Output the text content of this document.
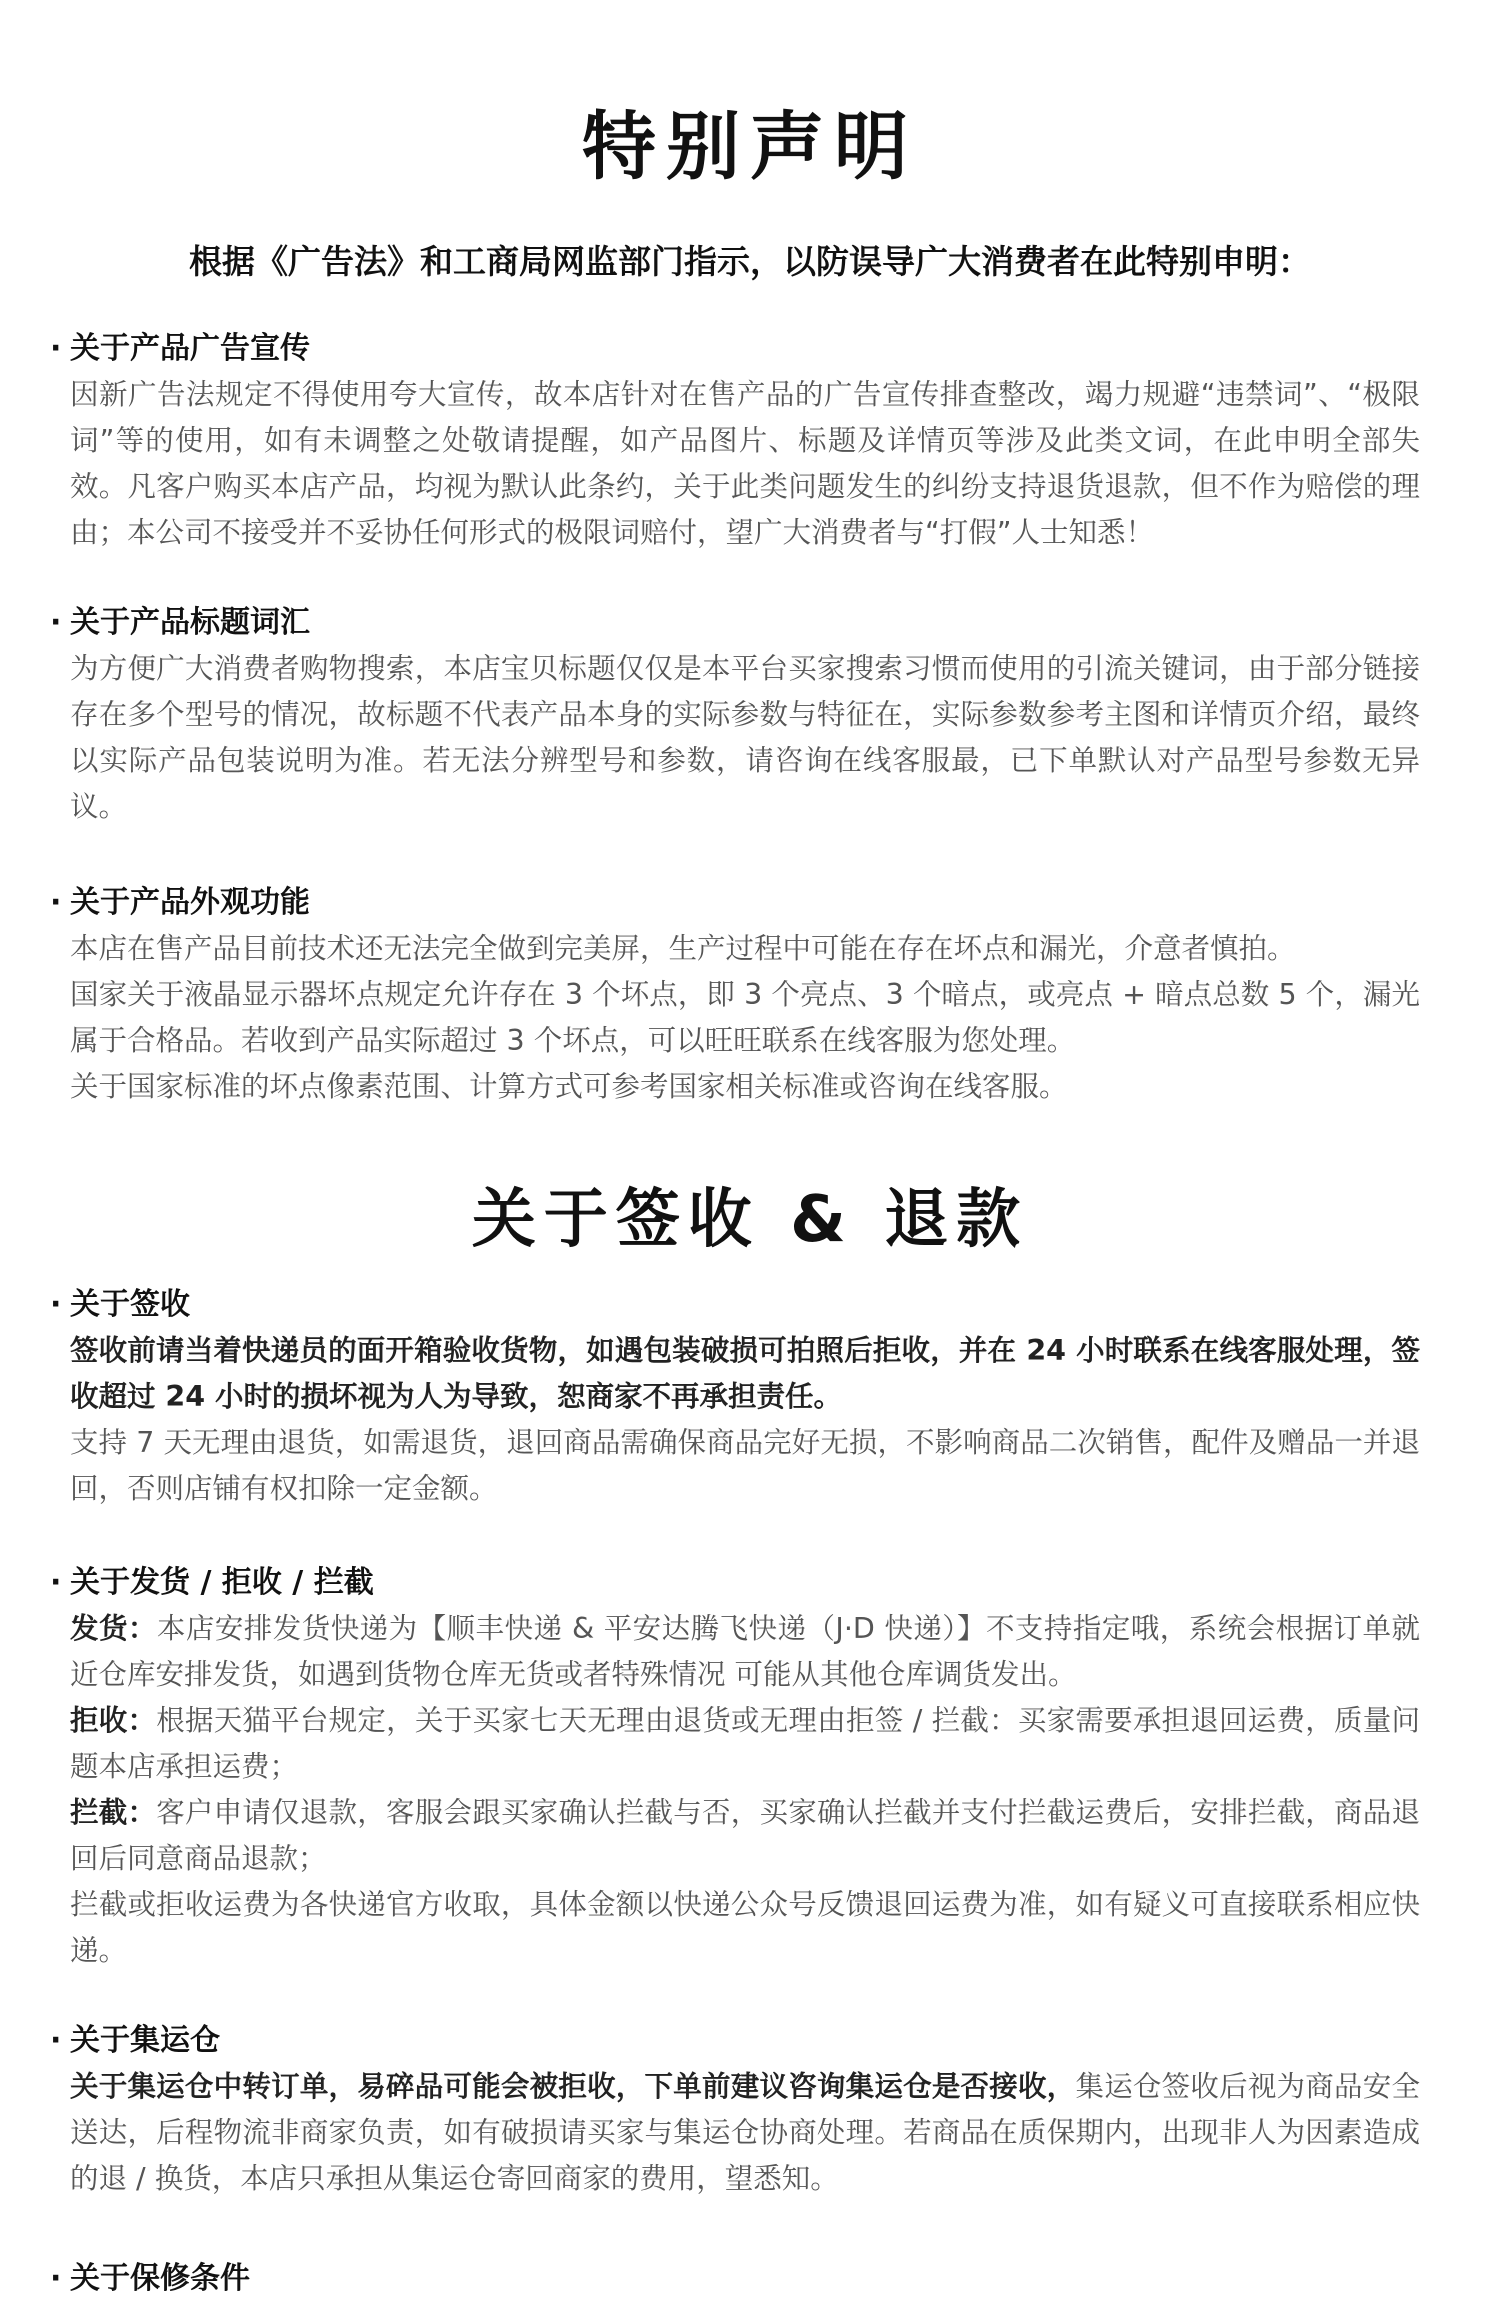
特别声明
根据《广告法》和工商局网监部门指示，以防误导广大消费者在此特别申明：
· 关于产品广告宣传
因新广告法规定不得使用夸大宣传，故本店针对在售产品的广告宣传排查整改，竭力规避“违禁词”、“极限词”等的使用，如有未调整之处敬请提醒，如产品图片、标题及详情页等涉及此类文词，在此申明全部失效。凡客户购买本店产品，均视为默认此条约，关于此类问题发生的纠纷支持退货退款，但不作为赔偿的理由；本公司不接受并不妥协任何形式的极限词赔付，望广大消费者与“打假”人士知悉！
· 关于产品标题词汇
为方便广大消费者购物搜索，本店宝贝标题仅仅是本平台买家搜索习惯而使用的引流关键词，由于部分链接存在多个型号的情况，故标题不代表产品本身的实际参数与特征在，实际参数参考主图和详情页介绍，最终以实际产品包装说明为准。若无法分辨型号和参数，请咨询在线客服最，已下单默认对产品型号参数无异议。
· 关于产品外观功能
本店在售产品目前技术还无法完全做到完美屏，生产过程中可能在存在坏点和漏光，介意者慎拍。
国家关于液晶显示器坏点规定允许存在 3 个坏点，即 3 个亮点、3 个暗点，或亮点 + 暗点总数 5 个，漏光属于合格品。若收到产品实际超过 3 个坏点，可以旺旺联系在线客服为您处理。
关于国家标准的坏点像素范围、计算方式可参考国家相关标准或咨询在线客服。
关于签收 & 退款
· 关于签收
签收前请当着快递员的面开箱验收货物，如遇包装破损可拍照后拒收，并在 24 小时联系在线客服处理，签收超过 24 小时的损坏视为人为导致，恕商家不再承担责任。
支持 7 天无理由退货，如需退货，退回商品需确保商品完好无损，不影响商品二次销售，配件及赠品一并退回，否则店铺有权扣除一定金额。
· 关于发货 / 拒收 / 拦截
发货：本店安排发货快递为【顺丰快递 & 平安达腾飞快递（J·D 快递）】不支持指定哦，系统会根据订单就近仓库安排发货，如遇到货物仓库无货或者特殊情况 可能从其他仓库调货发出。
拒收：根据天猫平台规定，关于买家七天无理由退货或无理由拒签 / 拦截：买家需要承担退回运费，质量问题本店承担运费；
拦截：客户申请仅退款，客服会跟买家确认拦截与否，买家确认拦截并支付拦截运费后，安排拦截，商品退回后同意商品退款；
拦截或拒收运费为各快递官方收取，具体金额以快递公众号反馈退回运费为准，如有疑义可直接联系相应快递。
· 关于集运仓
关于集运仓中转订单，易碎品可能会被拒收，下单前建议咨询集运仓是否接收，集运仓签收后视为商品安全送达，后程物流非商家负责，如有破损请买家与集运仓协商处理。若商品在质保期内，出现非人为因素造成的退 / 换货，本店只承担从集运仓寄回商家的费用，望悉知。
· 关于保修条件
